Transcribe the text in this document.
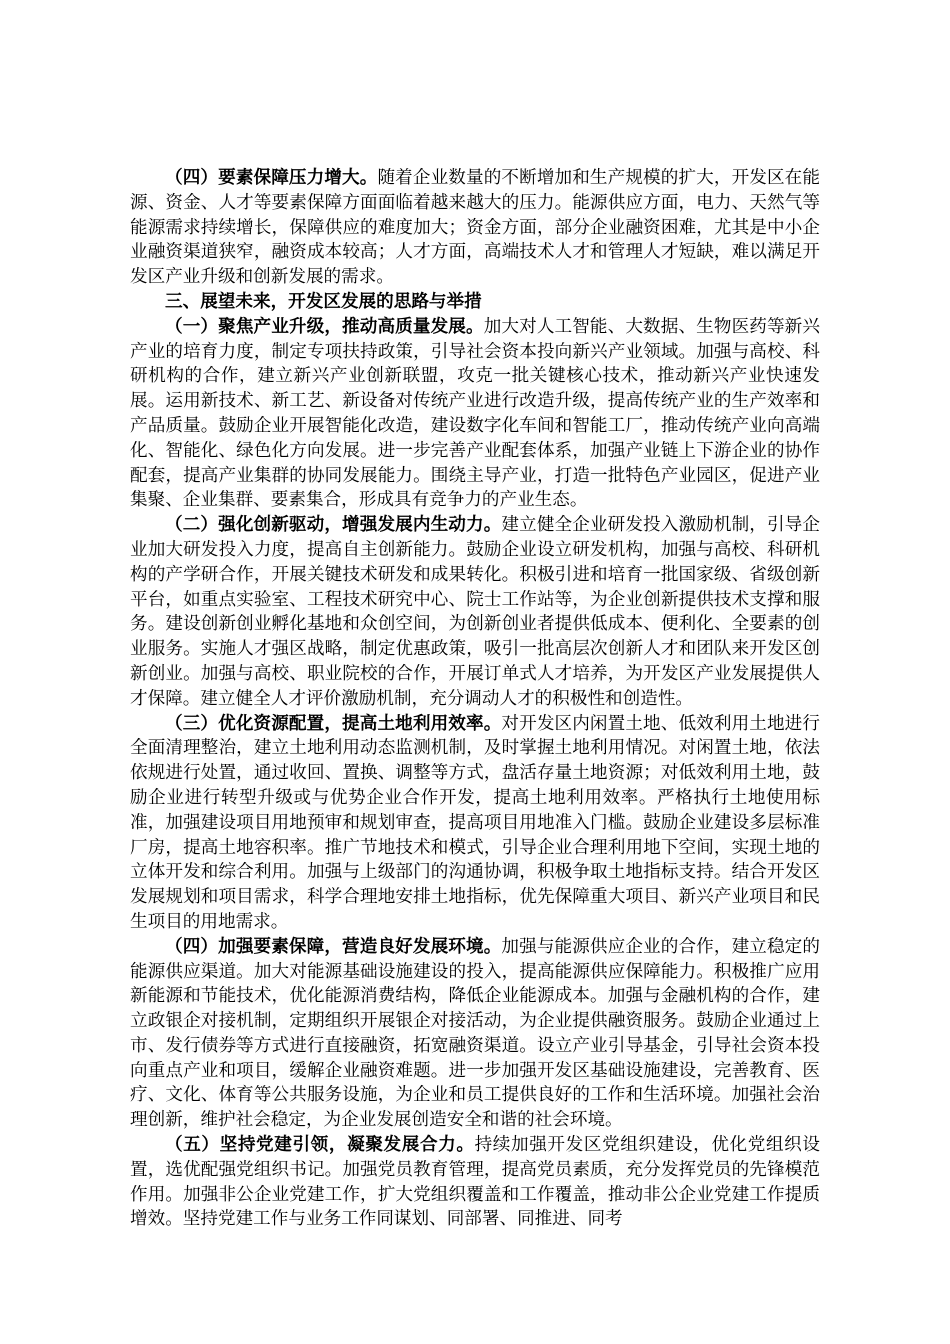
（四）要素保障压力增大。随着企业数量的不断增加和生产规模的扩大，开发区在能源、资金、人才等要素保障方面面临着越来越大的压力。能源供应方面，电力、天然气等能源需求持续增长，保障供应的难度加大；资金方面，部分企业融资困难，尤其是中小企业融资渠道狭窄，融资成本较高；人才方面，高端技术人才和管理人才短缺，难以满足开发区产业升级和创新发展的需求。

三、展望未来，开发区发展的思路与举措

（一）聚焦产业升级，推动高质量发展。加大对人工智能、大数据、生物医药等新兴产业的培育力度，制定专项扶持政策，引导社会资本投向新兴产业领域。加强与高校、科研机构的合作，建立新兴产业创新联盟，攻克一批关键核心技术，推动新兴产业快速发展。运用新技术、新工艺、新设备对传统产业进行改造升级，提高传统产业的生产效率和产品质量。鼓励企业开展智能化改造，建设数字化车间和智能工厂，推动传统产业向高端化、智能化、绿色化方向发展。进一步完善产业配套体系，加强产业链上下游企业的协作配套，提高产业集群的协同发展能力。围绕主导产业，打造一批特色产业园区，促进产业集聚、企业集群、要素集合，形成具有竞争力的产业生态。

（二）强化创新驱动，增强发展内生动力。建立健全企业研发投入激励机制，引导企业加大研发投入力度，提高自主创新能力。鼓励企业设立研发机构，加强与高校、科研机构的产学研合作，开展关键技术研发和成果转化。积极引进和培育一批国家级、省级创新平台，如重点实验室、工程技术研究中心、院士工作站等，为企业创新提供技术支撑和服务。建设创新创业孵化基地和众创空间，为创新创业者提供低成本、便利化、全要素的创业服务。实施人才强区战略，制定优惠政策，吸引一批高层次创新人才和团队来开发区创新创业。加强与高校、职业院校的合作，开展订单式人才培养，为开发区产业发展提供人才保障。建立健全人才评价激励机制，充分调动人才的积极性和创造性。

（三）优化资源配置，提高土地利用效率。对开发区内闲置土地、低效利用土地进行全面清理整治，建立土地利用动态监测机制，及时掌握土地利用情况。对闲置土地，依法依规进行处置，通过收回、置换、调整等方式，盘活存量土地资源；对低效利用土地，鼓励企业进行转型升级或与优势企业合作开发，提高土地利用效率。严格执行土地使用标准，加强建设项目用地预审和规划审查，提高项目用地准入门槛。鼓励企业建设多层标准厂房，提高土地容积率。推广节地技术和模式，引导企业合理利用地下空间，实现土地的立体开发和综合利用。加强与上级部门的沟通协调，积极争取土地指标支持。结合开发区发展规划和项目需求，科学合理地安排土地指标，优先保障重大项目、新兴产业项目和民生项目的用地需求。

（四）加强要素保障，营造良好发展环境。加强与能源供应企业的合作，建立稳定的能源供应渠道。加大对能源基础设施建设的投入，提高能源供应保障能力。积极推广应用新能源和节能技术，优化能源消费结构，降低企业能源成本。加强与金融机构的合作，建立政银企对接机制，定期组织开展银企对接活动，为企业提供融资服务。鼓励企业通过上市、发行债券等方式进行直接融资，拓宽融资渠道。设立产业引导基金，引导社会资本投向重点产业和项目，缓解企业融资难题。进一步加强开发区基础设施建设，完善教育、医疗、文化、体育等公共服务设施，为企业和员工提供良好的工作和生活环境。加强社会治理创新，维护社会稳定，为企业发展创造安全和谐的社会环境。

（五）坚持党建引领，凝聚发展合力。持续加强开发区党组织建设，优化党组织设置，选优配强党组织书记。加强党员教育管理，提高党员素质，充分发挥党员的先锋模范作用。加强非公企业党建工作，扩大党组织覆盖和工作覆盖，推动非公企业党建工作提质增效。坚持党建工作与业务工作同谋划、同部署、同推进、同考
